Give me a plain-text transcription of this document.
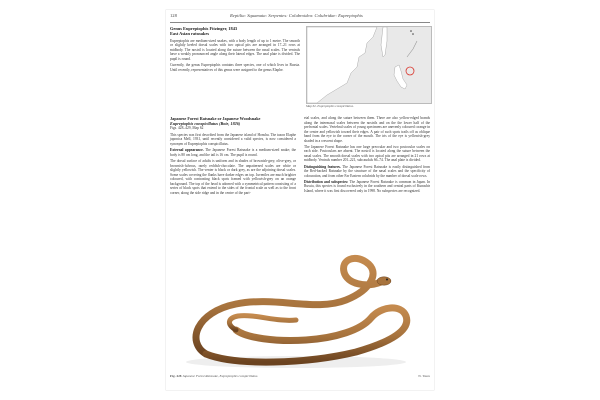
128	Reptilia: Squamata: Serpentes: Colubroidea: Colubridae: Euprepiophis
Genus Euprepiophis Fitzinger, 1843
East Asian ratsnakes

Euprepiophis are medium-sized snakes, with a body length of up to 1 metre. The smooth or slightly keeled dorsal scales with two apical pits are arranged in 17–21 rows at midbody. The nostril is located along the suture between the nasal scales. The ventrals have a weakly pronounced angle along their lateral edges. The anal plate is divided. The pupil is round.

Currently, the genus Euprepiophis contains three species, one of which lives in Russia. Until recently, representatives of this genus were assigned to the genus Elaphe.

Map 62. Euprepiophis conspicillatus.
Japanese Forest Ratsnake or Japanese Woodsnake
Euprepiophis conspicillatus (Boie, 1826)
Figs. 428–429, Map 62

This species was first described from the Japanese island of Honshu. The taxon Elaphe japonica Mell, 1931, until recently considered a valid species, is now considered a synonym of Euprepiophis conspicillatus.

External appearance. The Japanese Forest Ratsnake is a medium-sized snake; the body is 80 cm long, and the tail is 16 cm. The pupil is round.

The dorsal surface of adults is uniform and in shades of brownish-grey, olive-grey, or brownish-fulvous, rarely reddish-chocolate. The unpatterned scales are white or slightly yellowish. The venter is black or dark grey, as are the adjoining dorsal scales. Some scales covering the flanks have darker edges on top. Juveniles are much brighter coloured, with contrasting black spots framed with yellowish-grey on an orange background. The top of the head is adorned with a symmetrical pattern consisting of a series of black spots that extend to the sides of the frontal scale as well as to the front corner, along the side ridge and in the centre of the pari-

etal scales, and along the suture between them. There are also yellow-edged brands along the intermasal scales between the nostrils and on the the lower half of the prefrontal scales. Vertebral scales of young specimens are unevenly coloured: orange in the centre and yellowish toward their edges. A pair of such spots trails off as oblique band from the eye to the corner of the mouth. The iris of the eye is yellowish-grey shaded in a crescent shape.

The Japanese Forest Ratsnake has one large preocular and two postocular scales on each side. Postoculars are absent. The nostril is located along the suture between the nasal scales. The smooth dorsal scales with two apical pits are arranged in 21 rows at midbody. Ventrals number 201–221, subcaudals 66–74. The anal plate is divided.

Distinguishing features. The Japanese Forest Ratsnake is easily distinguished from the Red-backed Ratsnake by the structure of the nasal scales and the specificity of colouration, and from other Far Eastern colubrids by the number of dorsal scale rows.

Distribution and subspecies: The Japanese Forest Ratsnake is common in Japan. In Russia, this species is found exclusively in the southern and central parts of Kunashir Island, where it was first discovered only in 1998. No subspecies are recognized.

Fig. 428 Japanese Forest Ratsnake, Euprepiophis conspicillatus.	N. Tsuru
